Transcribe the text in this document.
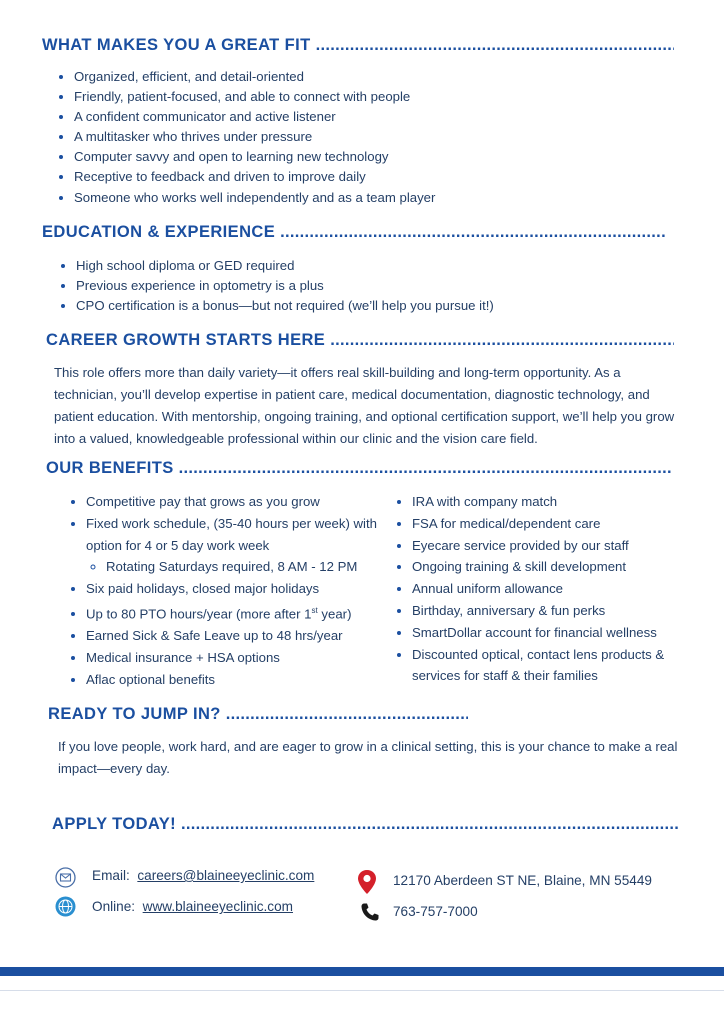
WHAT MAKES YOU A GREAT FIT .....
• Organized, efficient, and detail-oriented
• Friendly, patient-focused, and able to connect with people
• A confident communicator and active listener
• A multitasker who thrives under pressure
• Computer savvy and open to learning new technology
• Receptive to feedback and driven to improve daily
• Someone who works well independently and as a team player
EDUCATION & EXPERIENCE .....
• High school diploma or GED required
• Previous experience in optometry is a plus
• CPO certification is a bonus—but not required (we’ll help you pursue it!)
CAREER GROWTH STARTS HERE .....

This role offers more than daily variety—it offers real skill-building and long-term opportunity. As a technician, you’ll develop expertise in patient care, medical documentation, diagnostic technology, and patient education. With mentorship, ongoing training, and optional certification support, we’ll help you grow into a valued, knowledgeable professional within our clinic and the vision care field.

OUR BENEFITS .....
• Competitive pay that grows as you grow
• Fixed work schedule, (35-40 hours per week) with option for 4 or 5 day work week
◦ Rotating Saturdays required, 8 AM - 12 PM
• Six paid holidays, closed major holidays
• Up to 80 PTO hours/year (more after 1st year)
• Earned Sick & Safe Leave up to 48 hrs/year
• Medical insurance + HSA options
• Aflac optional benefits
• IRA with company match
• FSA for medical/dependent care
• Eyecare service provided by our staff
• Ongoing training & skill development
• Annual uniform allowance
• Birthday, anniversary & fun perks
• SmartDollar account for financial wellness
• Discounted optical, contact lens products & services for staff & their families
READY TO JUMP IN? .....

If you love people, work hard, and are eager to grow in a clinical setting, this is your chance to make a real impact—every day.

APPLY TODAY! .....
Email: careers@blaineeyeclinic.com
Online: www.blaineeyeclinic.com
12170 Aberdeen ST NE, Blaine, MN 55449
763-757-7000
